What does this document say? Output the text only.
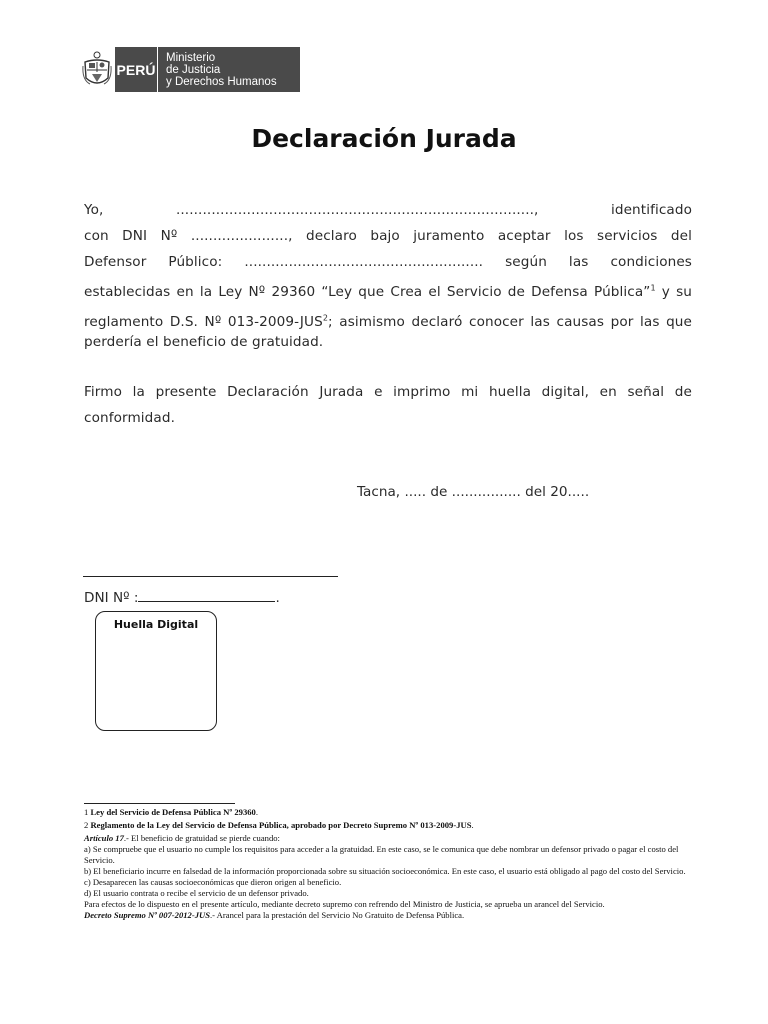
PERÚ
Ministerio
de Justicia
y Derechos Humanos
Declaración Jurada
Yo, ................................................................................., identificado
con DNI Nº ......................, declaro bajo juramento aceptar los servicios del
Defensor Público: ...................................................... según las condiciones
establecidas en la Ley Nº 29360 “Ley que Crea el Servicio de Defensa Pública”$^1$ y su
reglamento D.S. Nº 013-2009-JUS$^2$; asimismo declaró conocer las causas por las que
perdería el beneficio de gratuidad.
Firmo la presente Declaración Jurada e imprimo mi huella digital, en señal de
conformidad.
Tacna, ..... de ................ del 20.....
DNI Nº :	.
Huella Digital
1 Ley del Servicio de Defensa Pública Nº 29360.
2 Reglamento de la Ley del Servicio de Defensa Pública, aprobado por Decreto Supremo Nº 013-2009-JUS.
Artículo 17.- El beneficio de gratuidad se pierde cuando:
a) Se compruebe que el usuario no cumple los requisitos para acceder a la gratuidad. En este caso, se le comunica que debe nombrar un defensor privado o pagar el costo del Servicio.
b) El beneficiario incurre en falsedad de la información proporcionada sobre su situación socioeconómica. En este caso, el usuario está obligado al pago del costo del Servicio.
c) Desaparecen las causas socioeconómicas que dieron origen al beneficio.
d) El usuario contrata o recibe el servicio de un defensor privado.
Para efectos de lo dispuesto en el presente artículo, mediante decreto supremo con refrendo del Ministro de Justicia, se aprueba un arancel del Servicio.
Decreto Supremo Nº 007-2012-JUS.- Arancel para la prestación del Servicio No Gratuito de Defensa Pública.
